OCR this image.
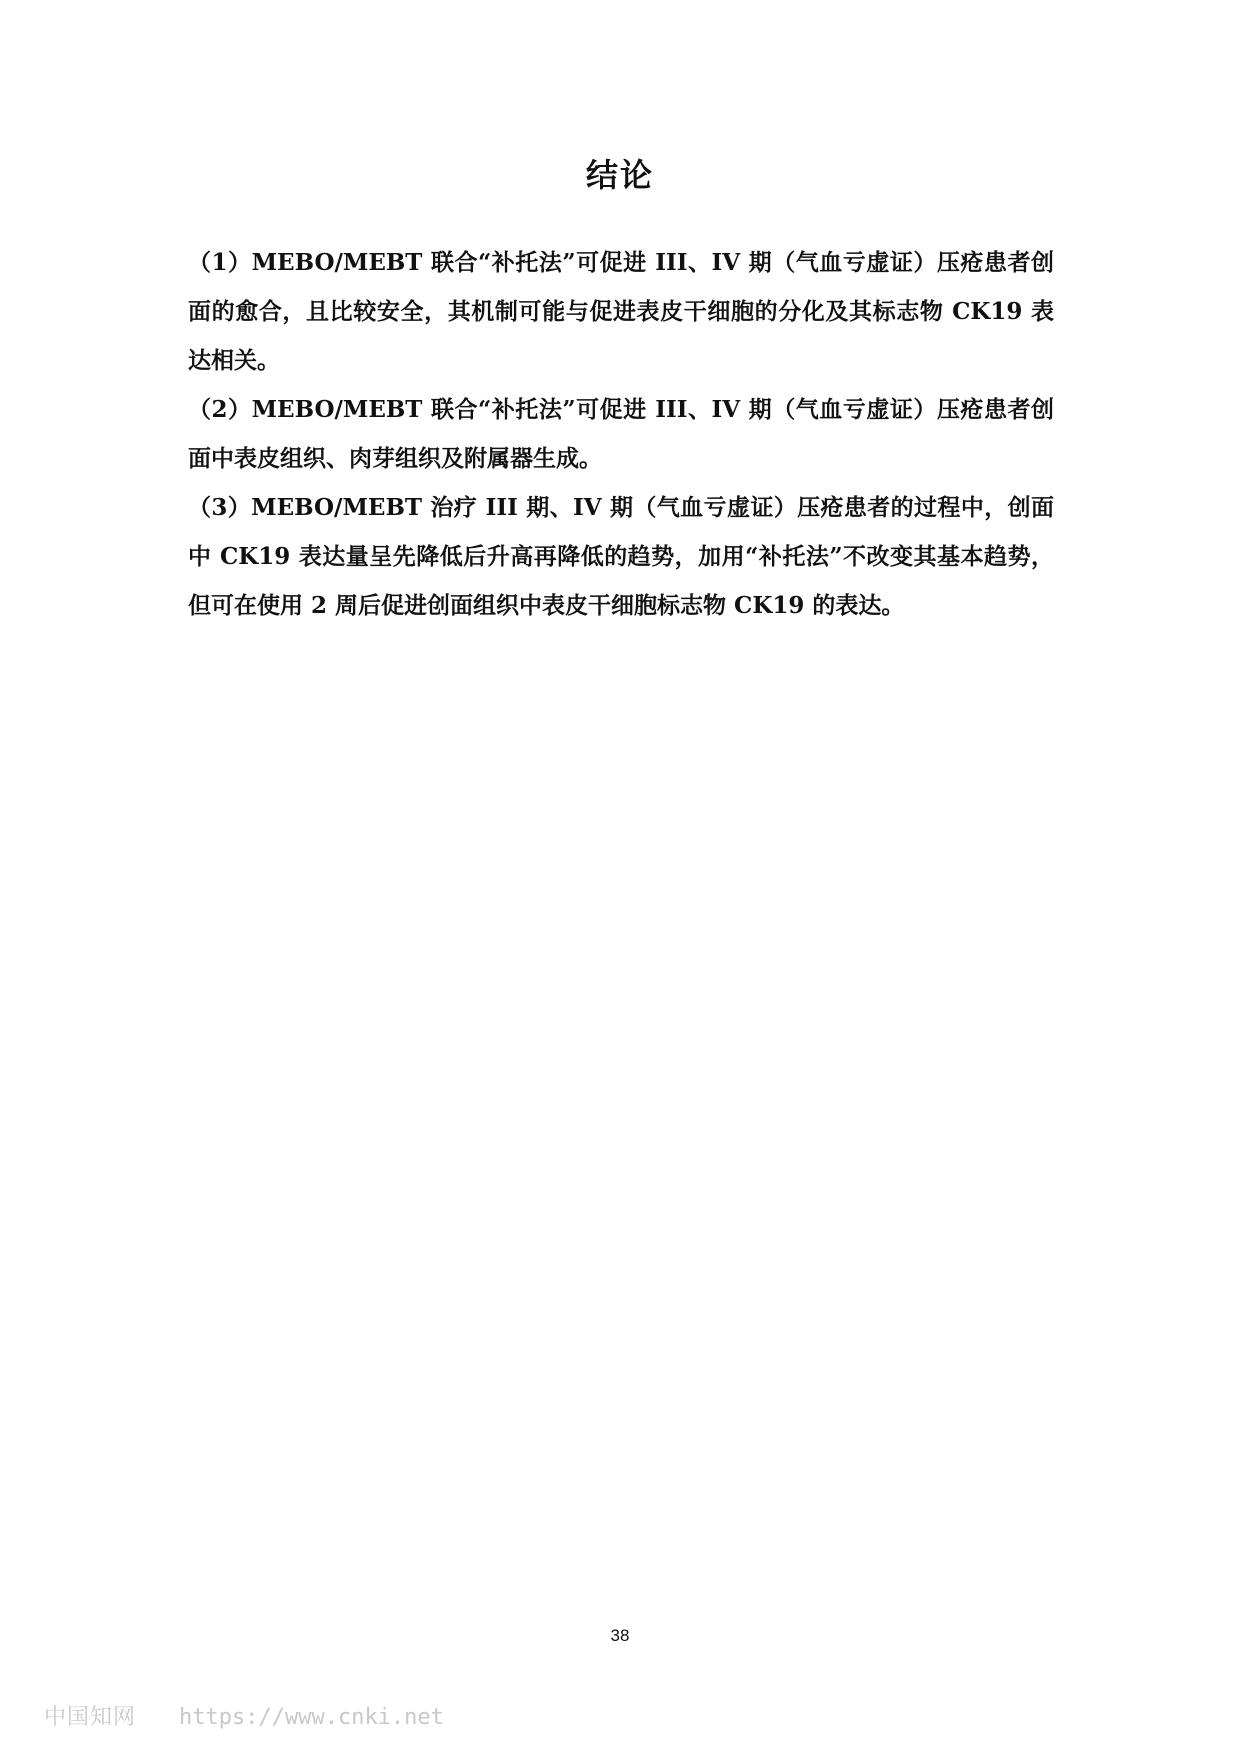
结论

（1）MEBO/MEBT 联合“补托法”可促进 III、IV 期（气血亏虚证）压疮患者创面的愈合，且比较安全，其机制可能与促进表皮干细胞的分化及其标志物 CK19 表达相关。

（2）MEBO/MEBT 联合“补托法”可促进 III、IV 期（气血亏虚证）压疮患者创面中表皮组织、肉芽组织及附属器生成。

（3）MEBO/MEBT 治疗 III 期、IV 期（气血亏虚证）压疮患者的过程中，创面中 CK19 表达量呈先降低后升高再降低的趋势，加用“补托法”不改变其基本趋势，但可在使用 2 周后促进创面组织中表皮干细胞标志物 CK19 的表达。

38
中国知网 https://www.cnki.net
